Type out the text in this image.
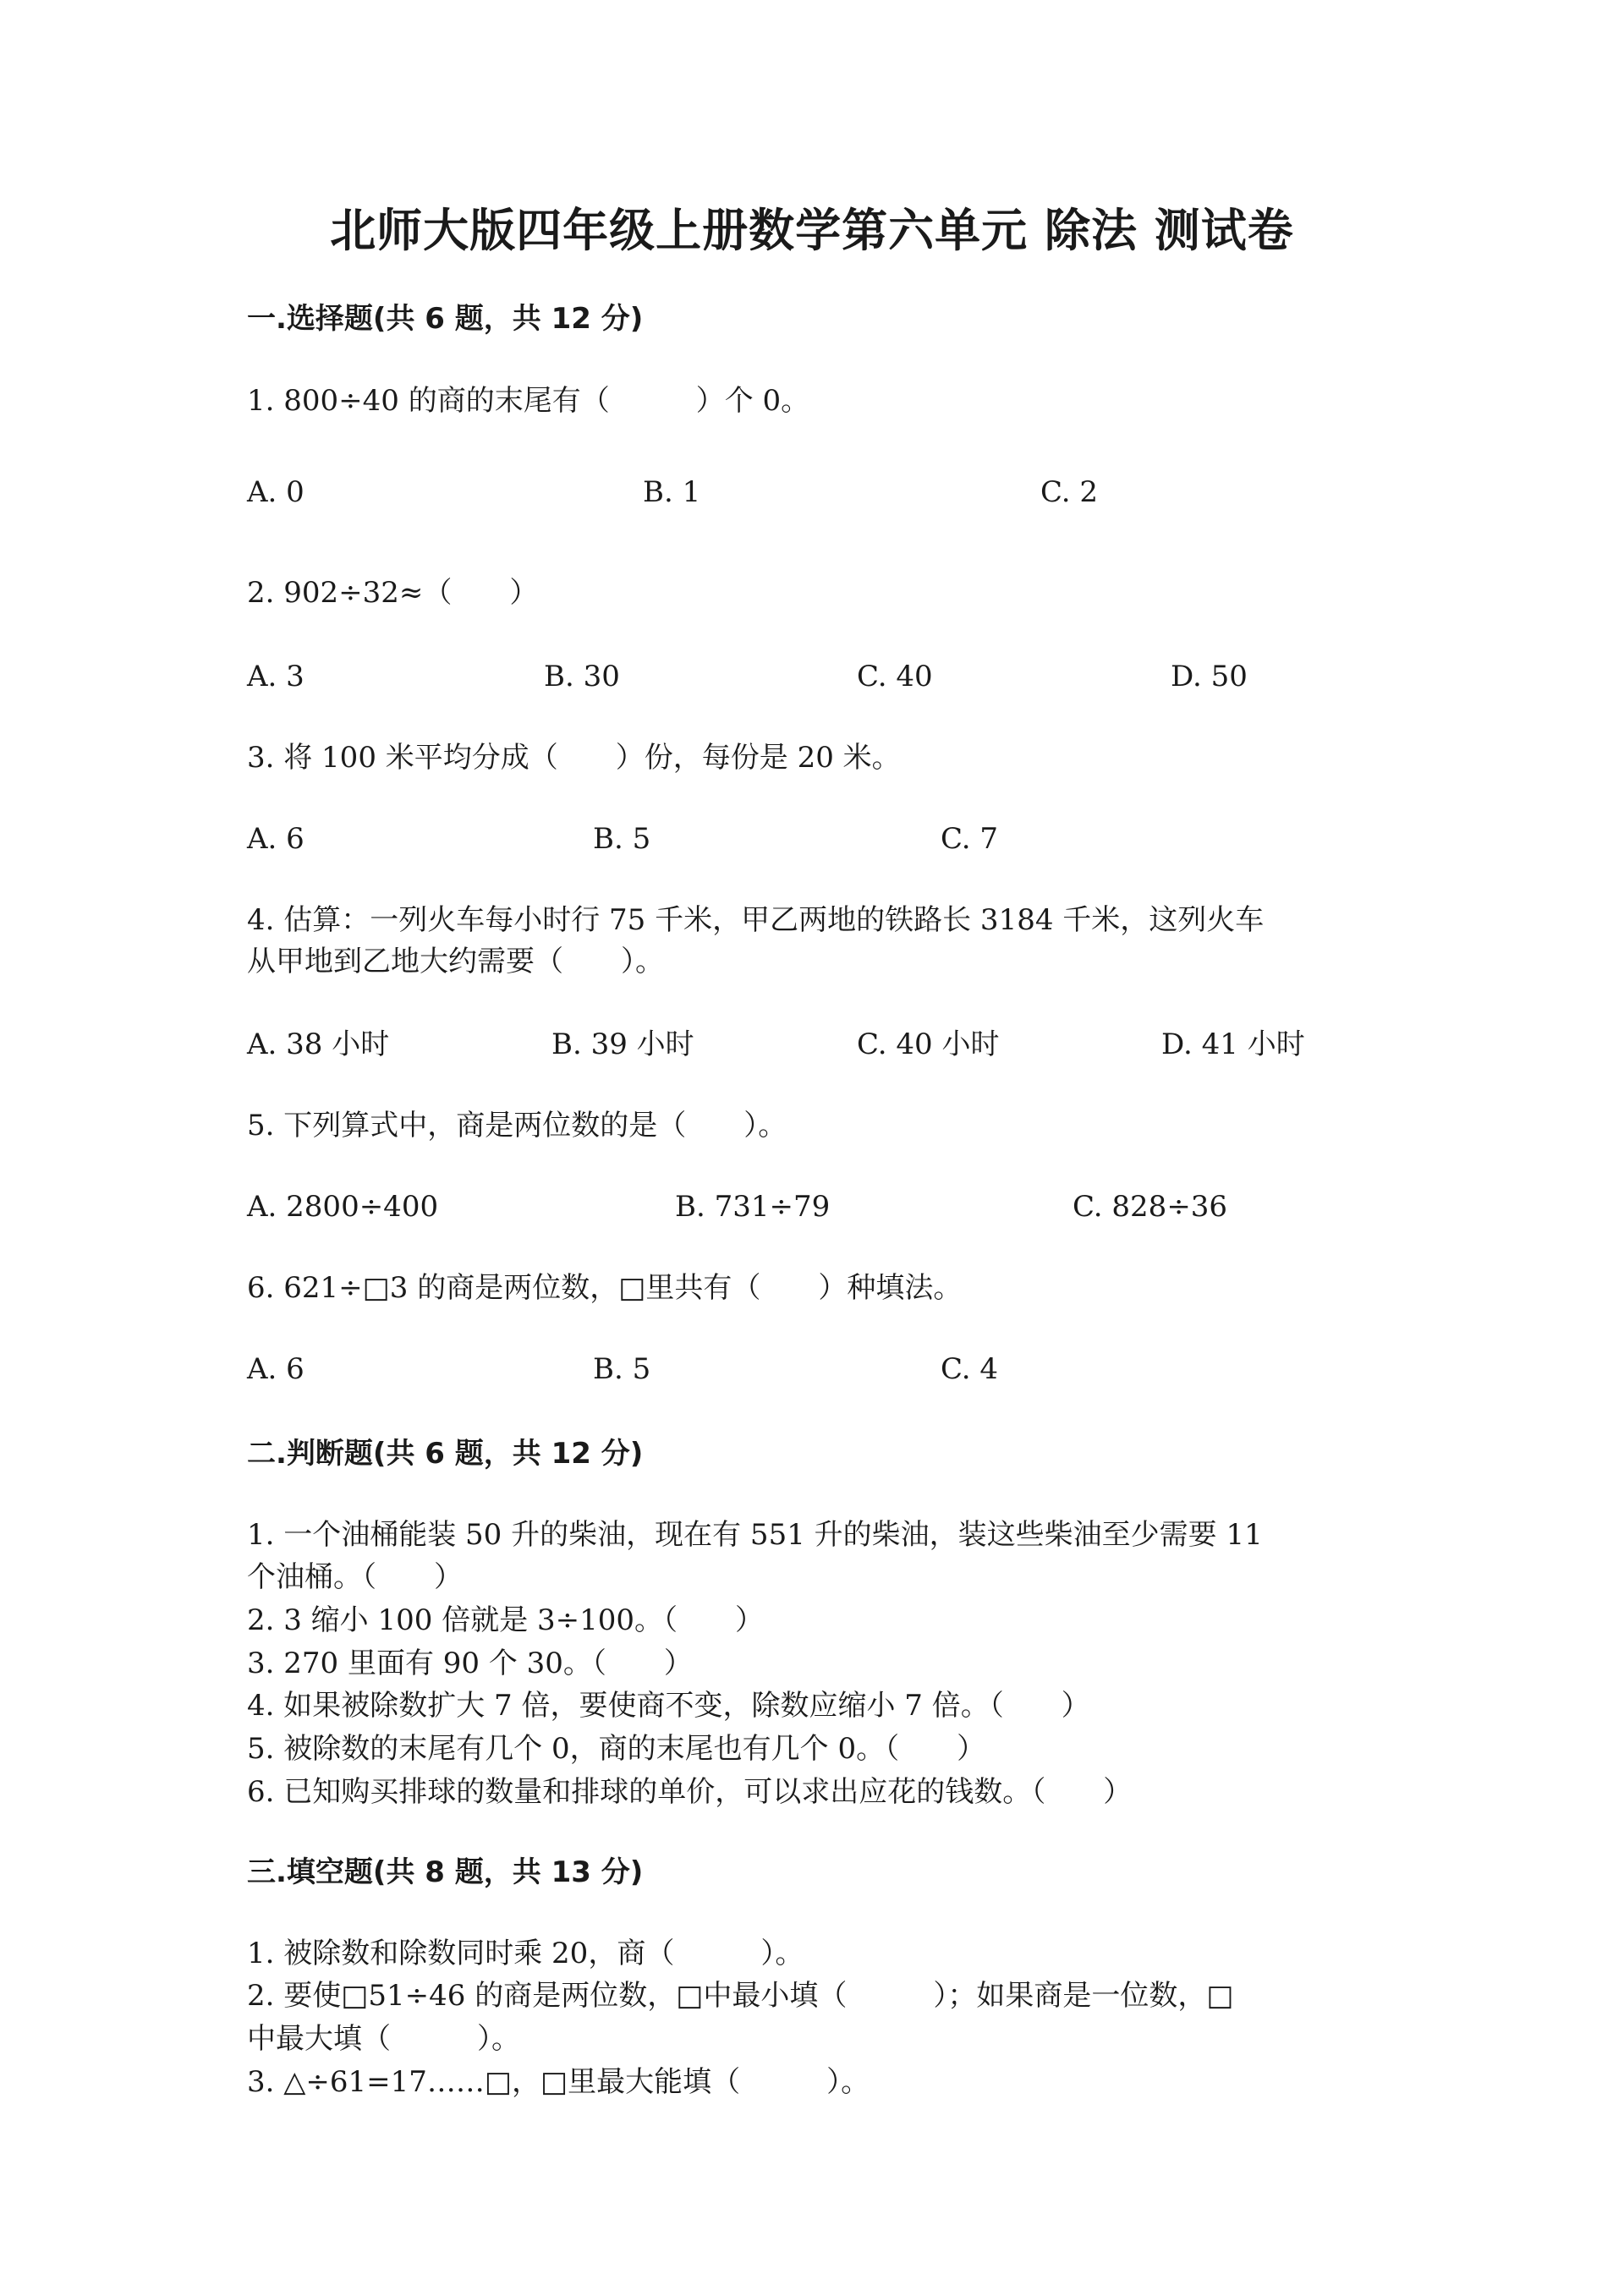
北师大版四年级上册数学第六单元 除法 测试卷
一.选择题(共 6 题，共 12 分)
1. 800÷40 的商的末尾有（　　　）个 0。
A. 0	B. 1	C. 2
2. 902÷32≈（　　）
A. 3	B. 30	C. 40	D. 50
3. 将 100 米平均分成（　　）份，每份是 20 米。
A. 6	B. 5	C. 7
4. 估算：一列火车每小时行 75 千米，甲乙两地的铁路长 3184 千米，这列火车
从甲地到乙地大约需要（　　）。
A. 38 小时	B. 39 小时	C. 40 小时	D. 41 小时
5. 下列算式中，商是两位数的是（　　）。
A. 2800÷400	B. 731÷79	C. 828÷36
6. 621÷□3 的商是两位数，□里共有（　　）种填法。
A. 6	B. 5	C. 4
二.判断题(共 6 题，共 12 分)
1. 一个油桶能装 50 升的柴油，现在有 551 升的柴油，装这些柴油至少需要 11
个油桶。（　　）
2. 3 缩小 100 倍就是 3÷100。（　　）
3. 270 里面有 90 个 30。（　　）
4. 如果被除数扩大 7 倍，要使商不变，除数应缩小 7 倍。（　　）
5. 被除数的末尾有几个 0，商的末尾也有几个 0。（　　）
6. 已知购买排球的数量和排球的单价，可以求出应花的钱数。（　　）
三.填空题(共 8 题，共 13 分)
1. 被除数和除数同时乘 20，商（　　　）。
2. 要使□51÷46 的商是两位数，□中最小填（　　　）；如果商是一位数，□
中最大填（　　　）。
3. △÷61=17……□，□里最大能填（　　　）。
